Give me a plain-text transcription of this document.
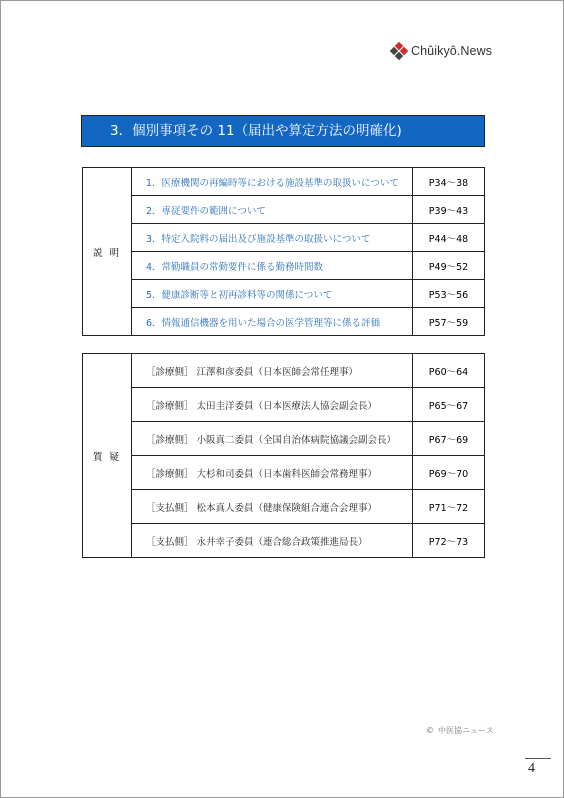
Chûikyô.News
3．個別事項その 11（届出や算定方法の明確化)
説 明	1．医療機関の再編時等における施設基準の取扱いについて	P34～38
	2．専従要件の範囲について	P39～43
	3．特定入院料の届出及び施設基準の取扱いについて	P44～48
	4．常勤職員の常勤要件に係る勤務時間数	P49～52
	5．健康診断等と初再診料等の関係について	P53～56
	6．情報通信機器を用いた場合の医学管理等に係る評価	P57～59
質 疑	［診療側］ 江澤和彦委員（日本医師会常任理事）	P60～64
	［診療側］ 太田圭洋委員（日本医療法人協会副会長）	P65～67
	［診療側］ 小阪真二委員（全国自治体病院協議会副会長）	P67～69
	［診療側］ 大杉和司委員（日本歯科医師会常務理事）	P69～70
	［支払側］ 松本真人委員（健康保険組合連合会理事）	P71～72
	［支払側］ 永井幸子委員（連合総合政策推進局長）	P72～73
© 中医協ニュース
4
